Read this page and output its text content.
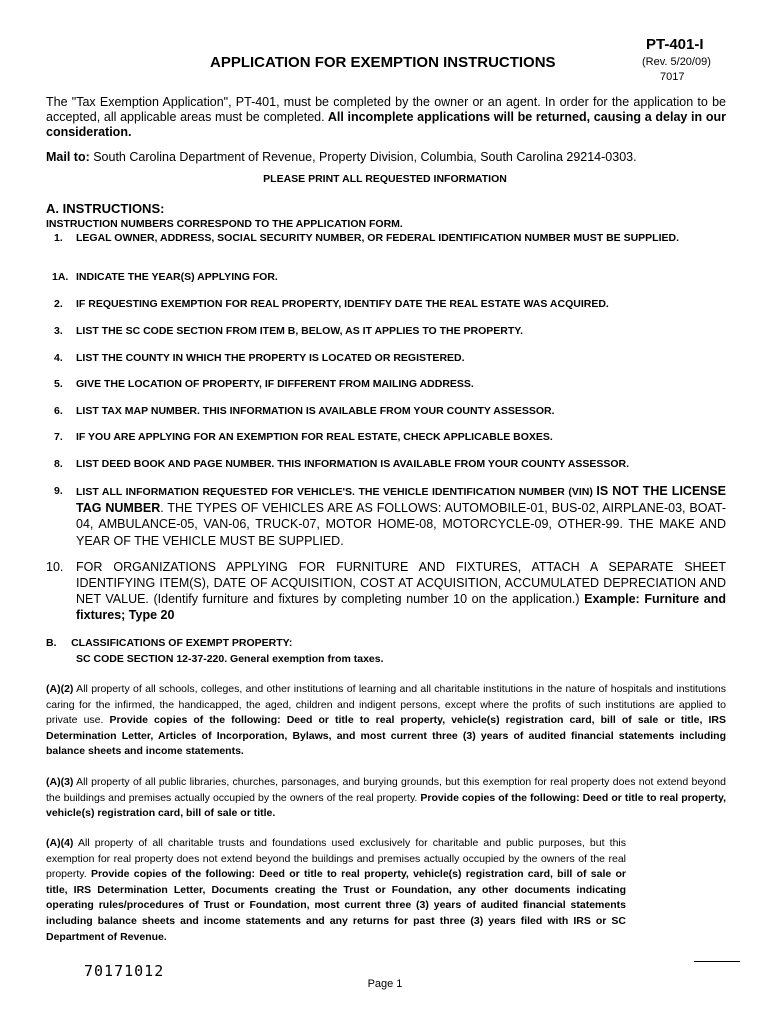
PT-401-I
(Rev. 5/20/09)
7017
APPLICATION FOR EXEMPTION INSTRUCTIONS
The "Tax Exemption Application", PT-401, must be completed by the owner or an agent. In order for the application to be accepted, all applicable areas must be completed. All incomplete applications will be returned, causing a delay in our consideration.
Mail to: South Carolina Department of Revenue, Property Division, Columbia, South Carolina 29214-0303.
PLEASE PRINT ALL REQUESTED INFORMATION
A. INSTRUCTIONS:
INSTRUCTION NUMBERS CORRESPOND TO THE APPLICATION FORM.
1.	LEGAL OWNER, ADDRESS, SOCIAL SECURITY NUMBER, OR FEDERAL IDENTIFICATION NUMBER MUST BE SUPPLIED.
1A. INDICATE THE YEAR(S) APPLYING FOR.
2.	IF REQUESTING EXEMPTION FOR REAL PROPERTY, IDENTIFY DATE THE REAL ESTATE WAS ACQUIRED.
3.	LIST THE SC CODE SECTION FROM ITEM B, BELOW, AS IT APPLIES TO THE PROPERTY.
4.	LIST THE COUNTY IN WHICH THE PROPERTY IS LOCATED OR REGISTERED.
5.	GIVE THE LOCATION OF PROPERTY, IF DIFFERENT FROM MAILING ADDRESS.
6.	LIST TAX MAP NUMBER. THIS INFORMATION IS AVAILABLE FROM YOUR COUNTY ASSESSOR.
7.	IF YOU ARE APPLYING FOR AN EXEMPTION FOR REAL ESTATE, CHECK APPLICABLE BOXES.
8.	LIST DEED BOOK AND PAGE NUMBER. THIS INFORMATION IS AVAILABLE FROM YOUR COUNTY ASSESSOR.
9.	LIST ALL INFORMATION REQUESTED FOR VEHICLE'S. THE VEHICLE IDENTIFICATION NUMBER (VIN) IS NOT THE LICENSE TAG NUMBER. THE TYPES OF VEHICLES ARE AS FOLLOWS: AUTOMOBILE-01, BUS-02, AIRPLANE-03, BOAT-04, AMBULANCE-05, VAN-06, TRUCK-07, MOTOR HOME-08, MOTORCYCLE-09, OTHER-99. THE MAKE AND YEAR OF THE VEHICLE MUST BE SUPPLIED.
10.	FOR ORGANIZATIONS APPLYING FOR FURNITURE AND FIXTURES, ATTACH A SEPARATE SHEET IDENTIFYING ITEM(S), DATE OF ACQUISITION, COST AT ACQUISITION, ACCUMULATED DEPRECIATION AND NET VALUE. (Identify furniture and fixtures by completing number 10 on the application.) Example: Furniture and fixtures; Type 20
B.     CLASSIFICATIONS OF EXEMPT PROPERTY:
SC CODE SECTION 12-37-220. General exemption from taxes.
(A)(2) All property of all schools, colleges, and other institutions of learning and all charitable institutions in the nature of hospitals and institutions caring for the infirmed, the handicapped, the aged, children and indigent persons, except where the profits of such institutions are applied to private use. Provide copies of the following: Deed or title to real property, vehicle(s) registration card, bill of sale or title, IRS Determination Letter, Articles of Incorporation, Bylaws, and most current three (3) years of audited financial statements including balance sheets and income statements.
(A)(3) All property of all public libraries, churches, parsonages, and burying grounds, but this exemption for real property does not extend beyond the buildings and premises actually occupied by the owners of the real property. Provide copies of the following: Deed or title to real property, vehicle(s) registration card, bill of sale or title.
(A)(4) All property of all charitable trusts and foundations used exclusively for charitable and public purposes, but this exemption for real property does not extend beyond the buildings and premises actually occupied by the owners of the real property. Provide copies of the following: Deed or title to real property, vehicle(s) registration card, bill of sale or title, IRS Determination Letter, Documents creating the Trust or Foundation, any other documents indicating operating rules/procedures of Trust or Foundation, most current three (3) years of audited financial statements including balance sheets and income statements and any returns for past three (3) years filed with IRS or SC Department of Revenue.
70171012
Page 1
